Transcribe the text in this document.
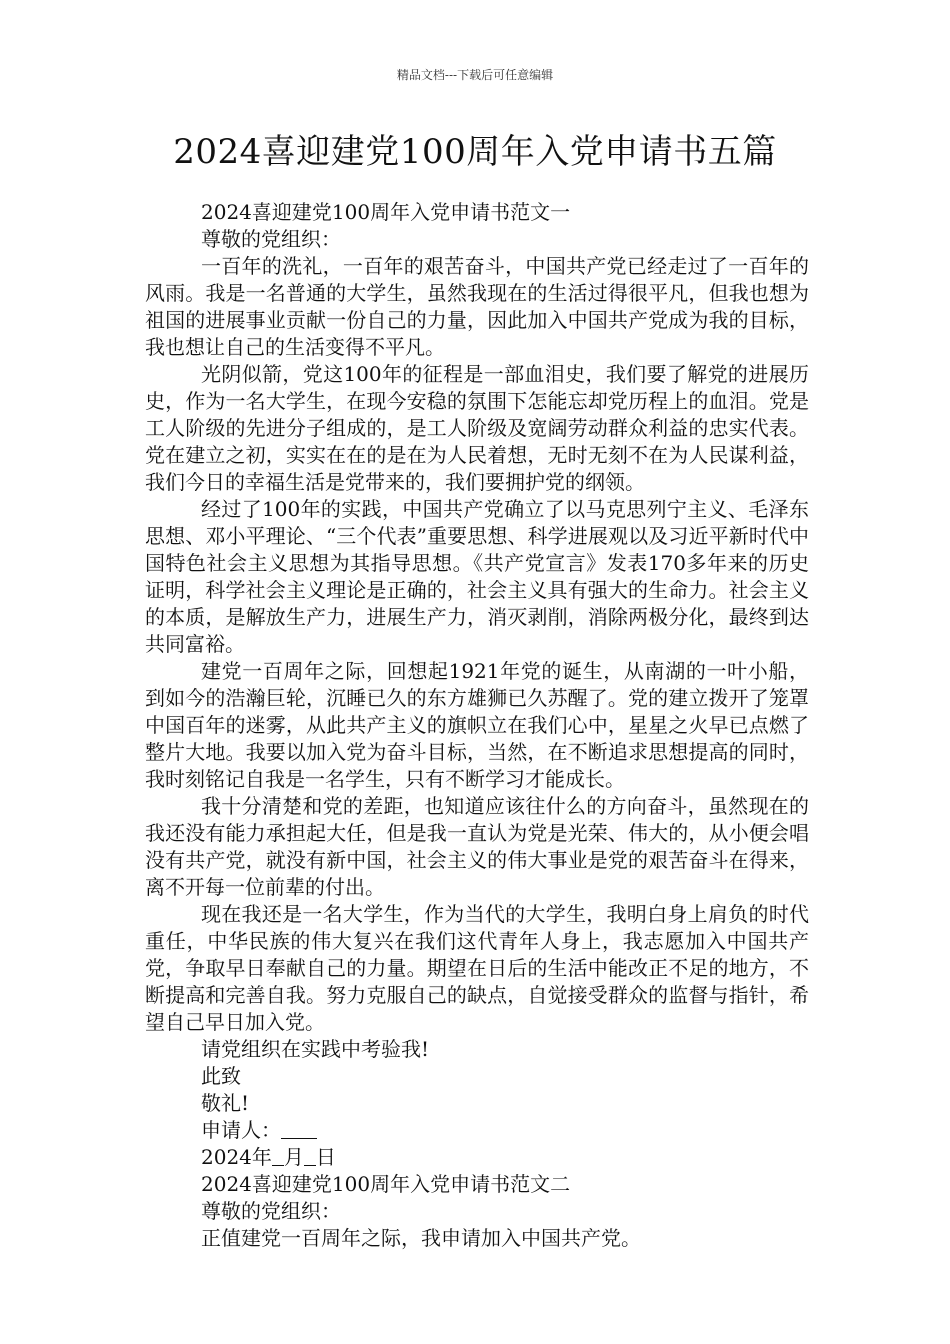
精品文档---下载后可任意编辑
2024喜迎建党100周年入党申请书五篇

2024喜迎建党100周年入党申请书范文一

尊敬的党组织：

一百年的洗礼，一百年的艰苦奋斗，中国共产党已经走过了一百年的风雨。我是一名普通的大学生，虽然我现在的生活过得很平凡，但我也想为祖国的进展事业贡献一份自己的力量，因此加入中国共产党成为我的目标，我也想让自己的生活变得不平凡。

光阴似箭，党这100年的征程是一部血泪史，我们要了解党的进展历史，作为一名大学生，在现今安稳的氛围下怎能忘却党历程上的血泪。党是工人阶级的先进分子组成的，是工人阶级及宽阔劳动群众利益的忠实代表。党在建立之初，实实在在的是在为人民着想，无时无刻不在为人民谋利益，我们今日的幸福生活是党带来的，我们要拥护党的纲领。

经过了100年的实践，中国共产党确立了以马克思列宁主义、毛泽东思想、邓小平理论、“三个代表”重要思想、科学进展观以及习近平新时代中国特色社会主义思想为其指导思想。《共产党宣言》发表170多年来的历史证明，科学社会主义理论是正确的，社会主义具有强大的生命力。社会主义的本质，是解放生产力，进展生产力，消灭剥削，消除两极分化，最终到达共同富裕。

建党一百周年之际，回想起1921年党的诞生，从南湖的一叶小船，到如今的浩瀚巨轮，沉睡已久的东方雄狮已久苏醒了。党的建立拨开了笼罩中国百年的迷雾，从此共产主义的旗帜立在我们心中，星星之火早已点燃了整片大地。我要以加入党为奋斗目标，当然，在不断追求思想提高的同时，我时刻铭记自我是一名学生，只有不断学习才能成长。

我十分清楚和党的差距，也知道应该往什么的方向奋斗，虽然现在的我还没有能力承担起大任，但是我一直认为党是光荣、伟大的，从小便会唱没有共产党，就没有新中国，社会主义的伟大事业是党的艰苦奋斗在得来，离不开每一位前辈的付出。

现在我还是一名大学生，作为当代的大学生，我明白身上肩负的时代重任，中华民族的伟大复兴在我们这代青年人身上，我志愿加入中国共产党，争取早日奉献自己的力量。期望在日后的生活中能改正不足的地方，不断提高和完善自我。努力克服自己的缺点，自觉接受群众的监督与指针，希望自己早日加入党。

请党组织在实践中考验我!

此致

敬礼!

申请人：

2024年 月 日

2024喜迎建党100周年入党申请书范文二

尊敬的党组织：

正值建党一百周年之际，我申请加入中国共产党。
